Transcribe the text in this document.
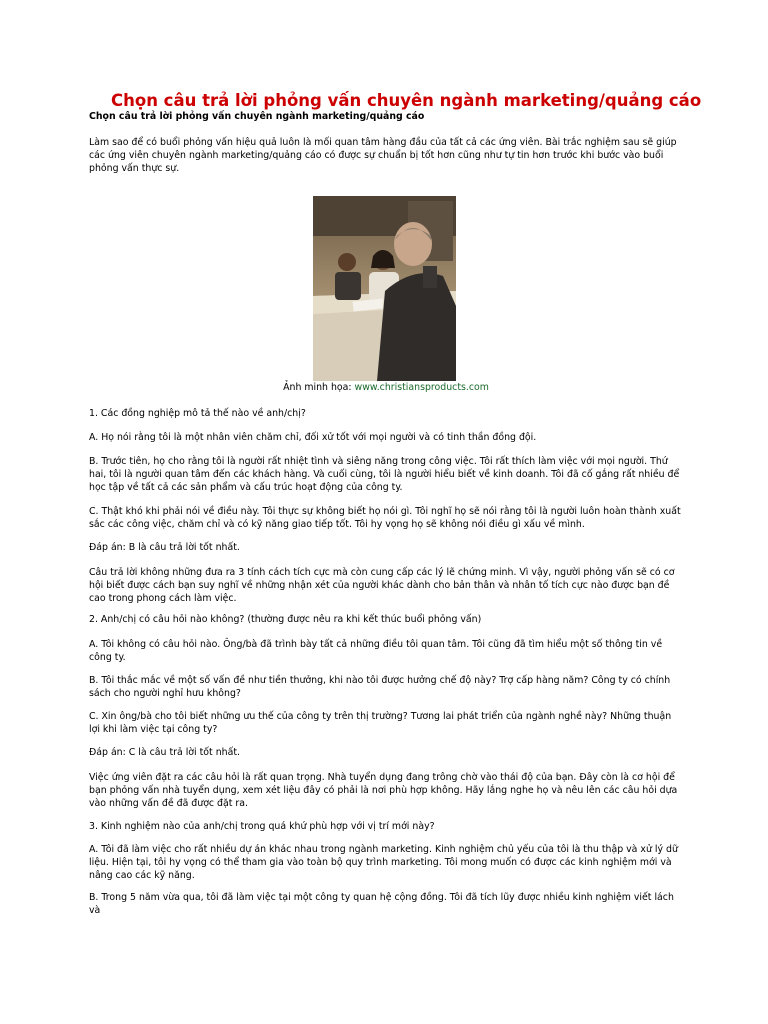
Chọn câu trả lời phỏng vấn chuyên ngành marketing/quảng cáo
Chọn câu trả lời phỏng vấn chuyên ngành marketing/quảng cáo

Làm sao để có buổi phỏng vấn hiệu quả luôn là mối quan tâm hàng đầu của tất cả các ứng viên. Bài trắc nghiệm sau sẽ giúp các ứng viên chuyên ngành marketing/quảng cáo có được sự chuẩn bị tốt hơn cũng như tự tin hơn trước khi bước vào buổi phỏng vấn thực sự.

Ảnh minh họa: www.christiansproducts.com

1. Các đồng nghiệp mô tả thế nào về anh/chị?

A. Họ nói rằng tôi là một nhân viên chăm chỉ, đối xử tốt với mọi người và có tinh thần đồng đội.

B. Trước tiên, họ cho rằng tôi là người rất nhiệt tình và siêng năng trong công việc. Tôi rất thích làm việc với mọi người. Thứ hai, tôi là người quan tâm đến các khách hàng. Và cuối cùng, tôi là người hiểu biết về kinh doanh. Tôi đã cố gắng rất nhiều để học tập về tất cả các sản phẩm và cấu trúc hoạt động của công ty.

C. Thật khó khi phải nói về điều này. Tôi thực sự không biết họ nói gì. Tôi nghĩ họ sẽ nói rằng tôi là người luôn hoàn thành xuất sắc các công việc, chăm chỉ và có kỹ năng giao tiếp tốt. Tôi hy vọng họ sẽ không nói điều gì xấu về mình.

Đáp án: B là câu trả lời tốt nhất.

Câu trả lời không những đưa ra 3 tính cách tích cực mà còn cung cấp các lý lẽ chứng minh. Vì vậy, người phỏng vấn sẽ có cơ hội biết được cách bạn suy nghĩ về những nhận xét của người khác dành cho bản thân và nhân tố tích cực nào được bạn đề cao trong phong cách làm việc.

2. Anh/chị có câu hỏi nào không? (thường được nêu ra khi kết thúc buổi phỏng vấn)

A. Tôi không có câu hỏi nào. Ông/bà đã trình bày tất cả những điều tôi quan tâm. Tôi cũng đã tìm hiểu một số thông tin về công ty.

B. Tôi thắc mắc về một số vấn đề như tiền thưởng, khi nào tôi được hưởng chế độ này? Trợ cấp hàng năm? Công ty có chính sách cho người nghỉ hưu không?

C. Xin ông/bà cho tôi biết những ưu thế của công ty trên thị trường? Tương lai phát triển của ngành nghề này? Những thuận lợi khi làm việc tại công ty?

Đáp án: C là câu trả lời tốt nhất.

Việc ứng viên đặt ra các câu hỏi là rất quan trọng. Nhà tuyển dụng đang trông chờ vào thái độ của bạn. Đây còn là cơ hội để bạn phỏng vấn nhà tuyển dụng, xem xét liệu đây có phải là nơi phù hợp không. Hãy lắng nghe họ và nêu lên các câu hỏi dựa vào những vấn đề đã được đặt ra.

3. Kinh nghiệm nào của anh/chị trong quá khứ phù hợp với vị trí mới này?

A. Tôi đã làm việc cho rất nhiều dự án khác nhau trong ngành marketing. Kinh nghiệm chủ yếu của tôi là thu thập và xử lý dữ liệu. Hiện tại, tôi hy vọng có thể tham gia vào toàn bộ quy trình marketing. Tôi mong muốn có được các kinh nghiệm mới và nâng cao các kỹ năng.

B. Trong 5 năm vừa qua, tôi đã làm việc tại một công ty quan hệ cộng đồng. Tôi đã tích lũy được nhiều kinh nghiệm viết lách và
